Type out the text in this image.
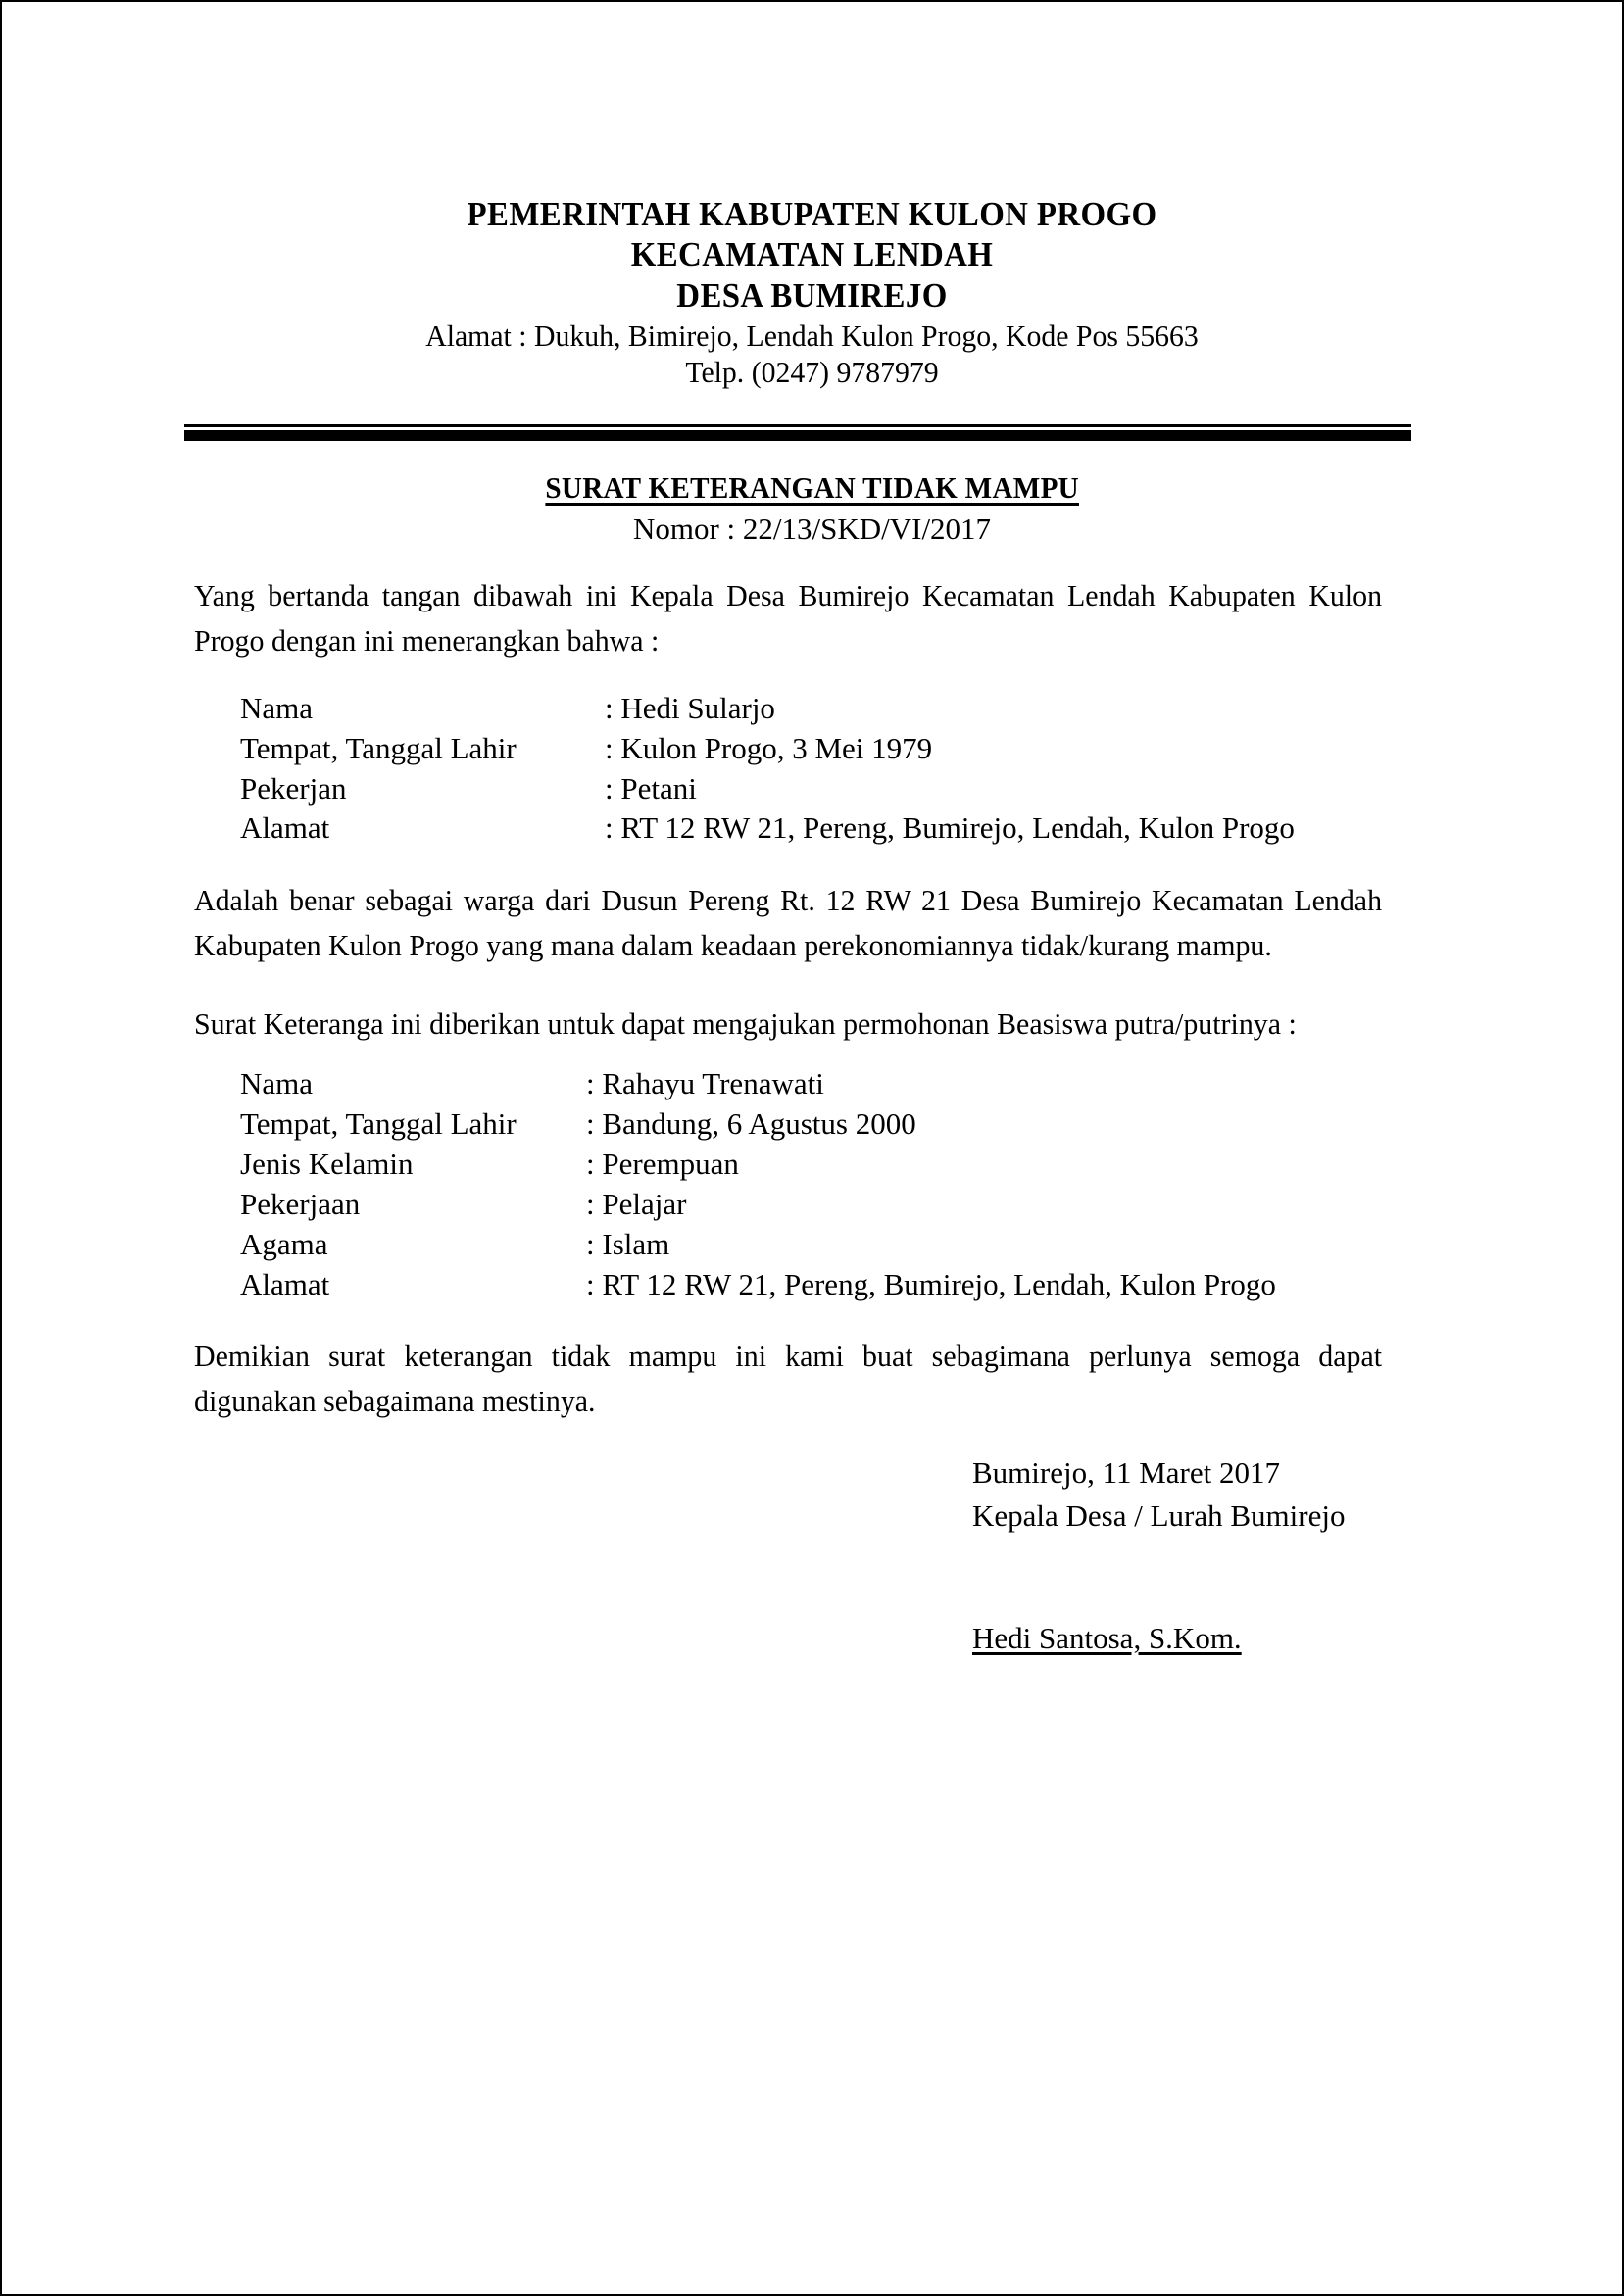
PEMERINTAH KABUPATEN KULON PROGO
KECAMATAN LENDAH
DESA BUMIREJO
Alamat : Dukuh, Bimirejo, Lendah Kulon Progo, Kode Pos 55663
Telp. (0247) 9787979
SURAT KETERANGAN TIDAK MAMPU
Nomor : 22/13/SKD/VI/2017

Yang bertanda tangan dibawah ini Kepala Desa Bumirejo Kecamatan Lendah Kabupaten Kulon Progo dengan ini menerangkan bahwa :

Nama	: Hedi Sularjo
Tempat, Tanggal Lahir	: Kulon Progo, 3 Mei 1979
Pekerjan	: Petani
Alamat	: RT 12 RW 21, Pereng, Bumirejo, Lendah, Kulon Progo

Adalah benar sebagai warga dari Dusun Pereng Rt. 12 RW 21 Desa Bumirejo Kecamatan Lendah Kabupaten Kulon Progo yang mana dalam keadaan perekonomiannya tidak/kurang mampu.

Surat Keteranga ini diberikan untuk dapat mengajukan permohonan Beasiswa putra/putrinya :

Nama	: Rahayu Trenawati
Tempat, Tanggal Lahir	: Bandung, 6 Agustus 2000
Jenis Kelamin	: Perempuan
Pekerjaan	: Pelajar
Agama	: Islam
Alamat	: RT 12 RW 21, Pereng, Bumirejo, Lendah, Kulon Progo

Demikian surat keterangan tidak mampu ini kami buat sebagimana perlunya semoga dapat digunakan sebagaimana mestinya.

Bumirejo, 11 Maret 2017
Kepala Desa / Lurah Bumirejo
Hedi Santosa, S.Kom.
